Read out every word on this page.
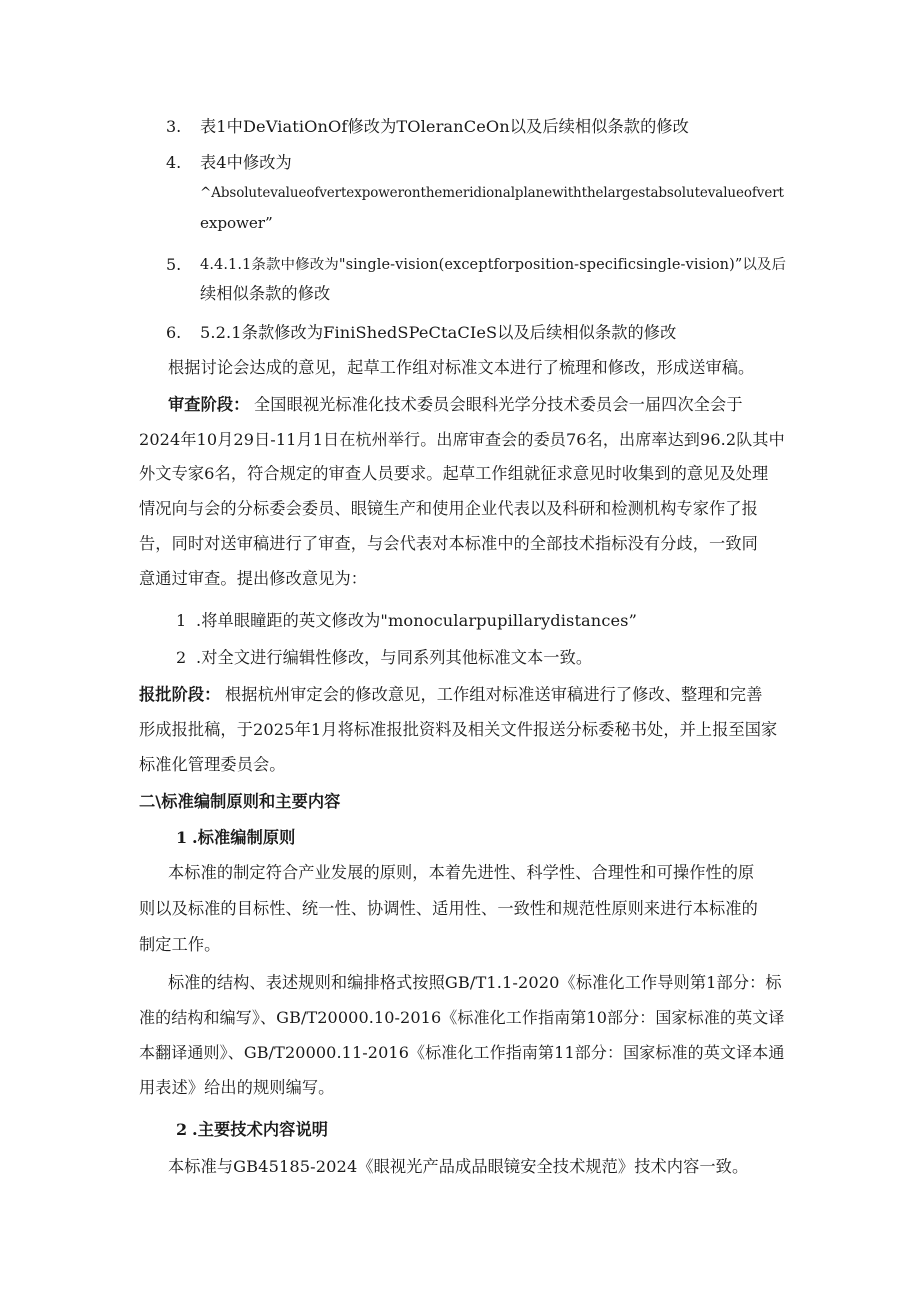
3. 表1中DeViatiOnOf修改为TOleranCeOn以及后续相似条款的修改
4. 表4中修改为
^Absolutevalueofvertexpoweronthemeridionalplanewiththelargestabsolutevalueofvert
expower”
5. 4.4.1.1条款中修改为"single-vision(exceptforposition-specificsingle-vision)”以及后
续相似条款的修改
6. 5.2.1条款修改为FiniShedSPeCtaCIeS以及后续相似条款的修改

根据讨论会达成的意见，起草工作组对标准文本进行了梳理和修改，形成送审稿。

审查阶段： 全国眼视光标准化技术委员会眼科光学分技术委员会一届四次全会于
2024年10月29日-11月1日在杭州举行。出席审查会的委员76名，出席率达到96.2队其中
外文专家6名，符合规定的审查人员要求。起草工作组就征求意见时收集到的意见及处理
情况向与会的分标委会委员、眼镜生产和使用企业代表以及科研和检测机构专家作了报
告，同时对送审稿进行了审查，与会代表对本标准中的全部技术指标没有分歧，一致同
意通过审查。提出修改意见为：
1 .将单眼瞳距的英文修改为"monocularpupillarydistances”
2 .对全文进行编辑性修改，与同系列其他标准文本一致。
报批阶段： 根据杭州审定会的修改意见，工作组对标准送审稿进行了修改、整理和完善
形成报批稿，于2025年1月将标准报批资料及相关文件报送分标委秘书处，并上报至国家
标准化管理委员会。
二\标准编制原则和主要内容
1 .标准编制原则
本标准的制定符合产业发展的原则，本着先进性、科学性、合理性和可操作性的原
则以及标准的目标性、统一性、协调性、适用性、一致性和规范性原则来进行本标准的
制定工作。
标准的结构、表述规则和编排格式按照GB/T1.1-2020《标准化工作导则第1部分：标
准的结构和编写》、GB/T20000.10-2016《标准化工作指南第10部分：国家标准的英文译
本翻译通则》、GB/T20000.11-2016《标准化工作指南第11部分：国家标准的英文译本通
用表述》给出的规则编写。
2 .主要技术内容说明

本标准与GB45185-2024《眼视光产品成品眼镜安全技术规范》技术内容一致。
